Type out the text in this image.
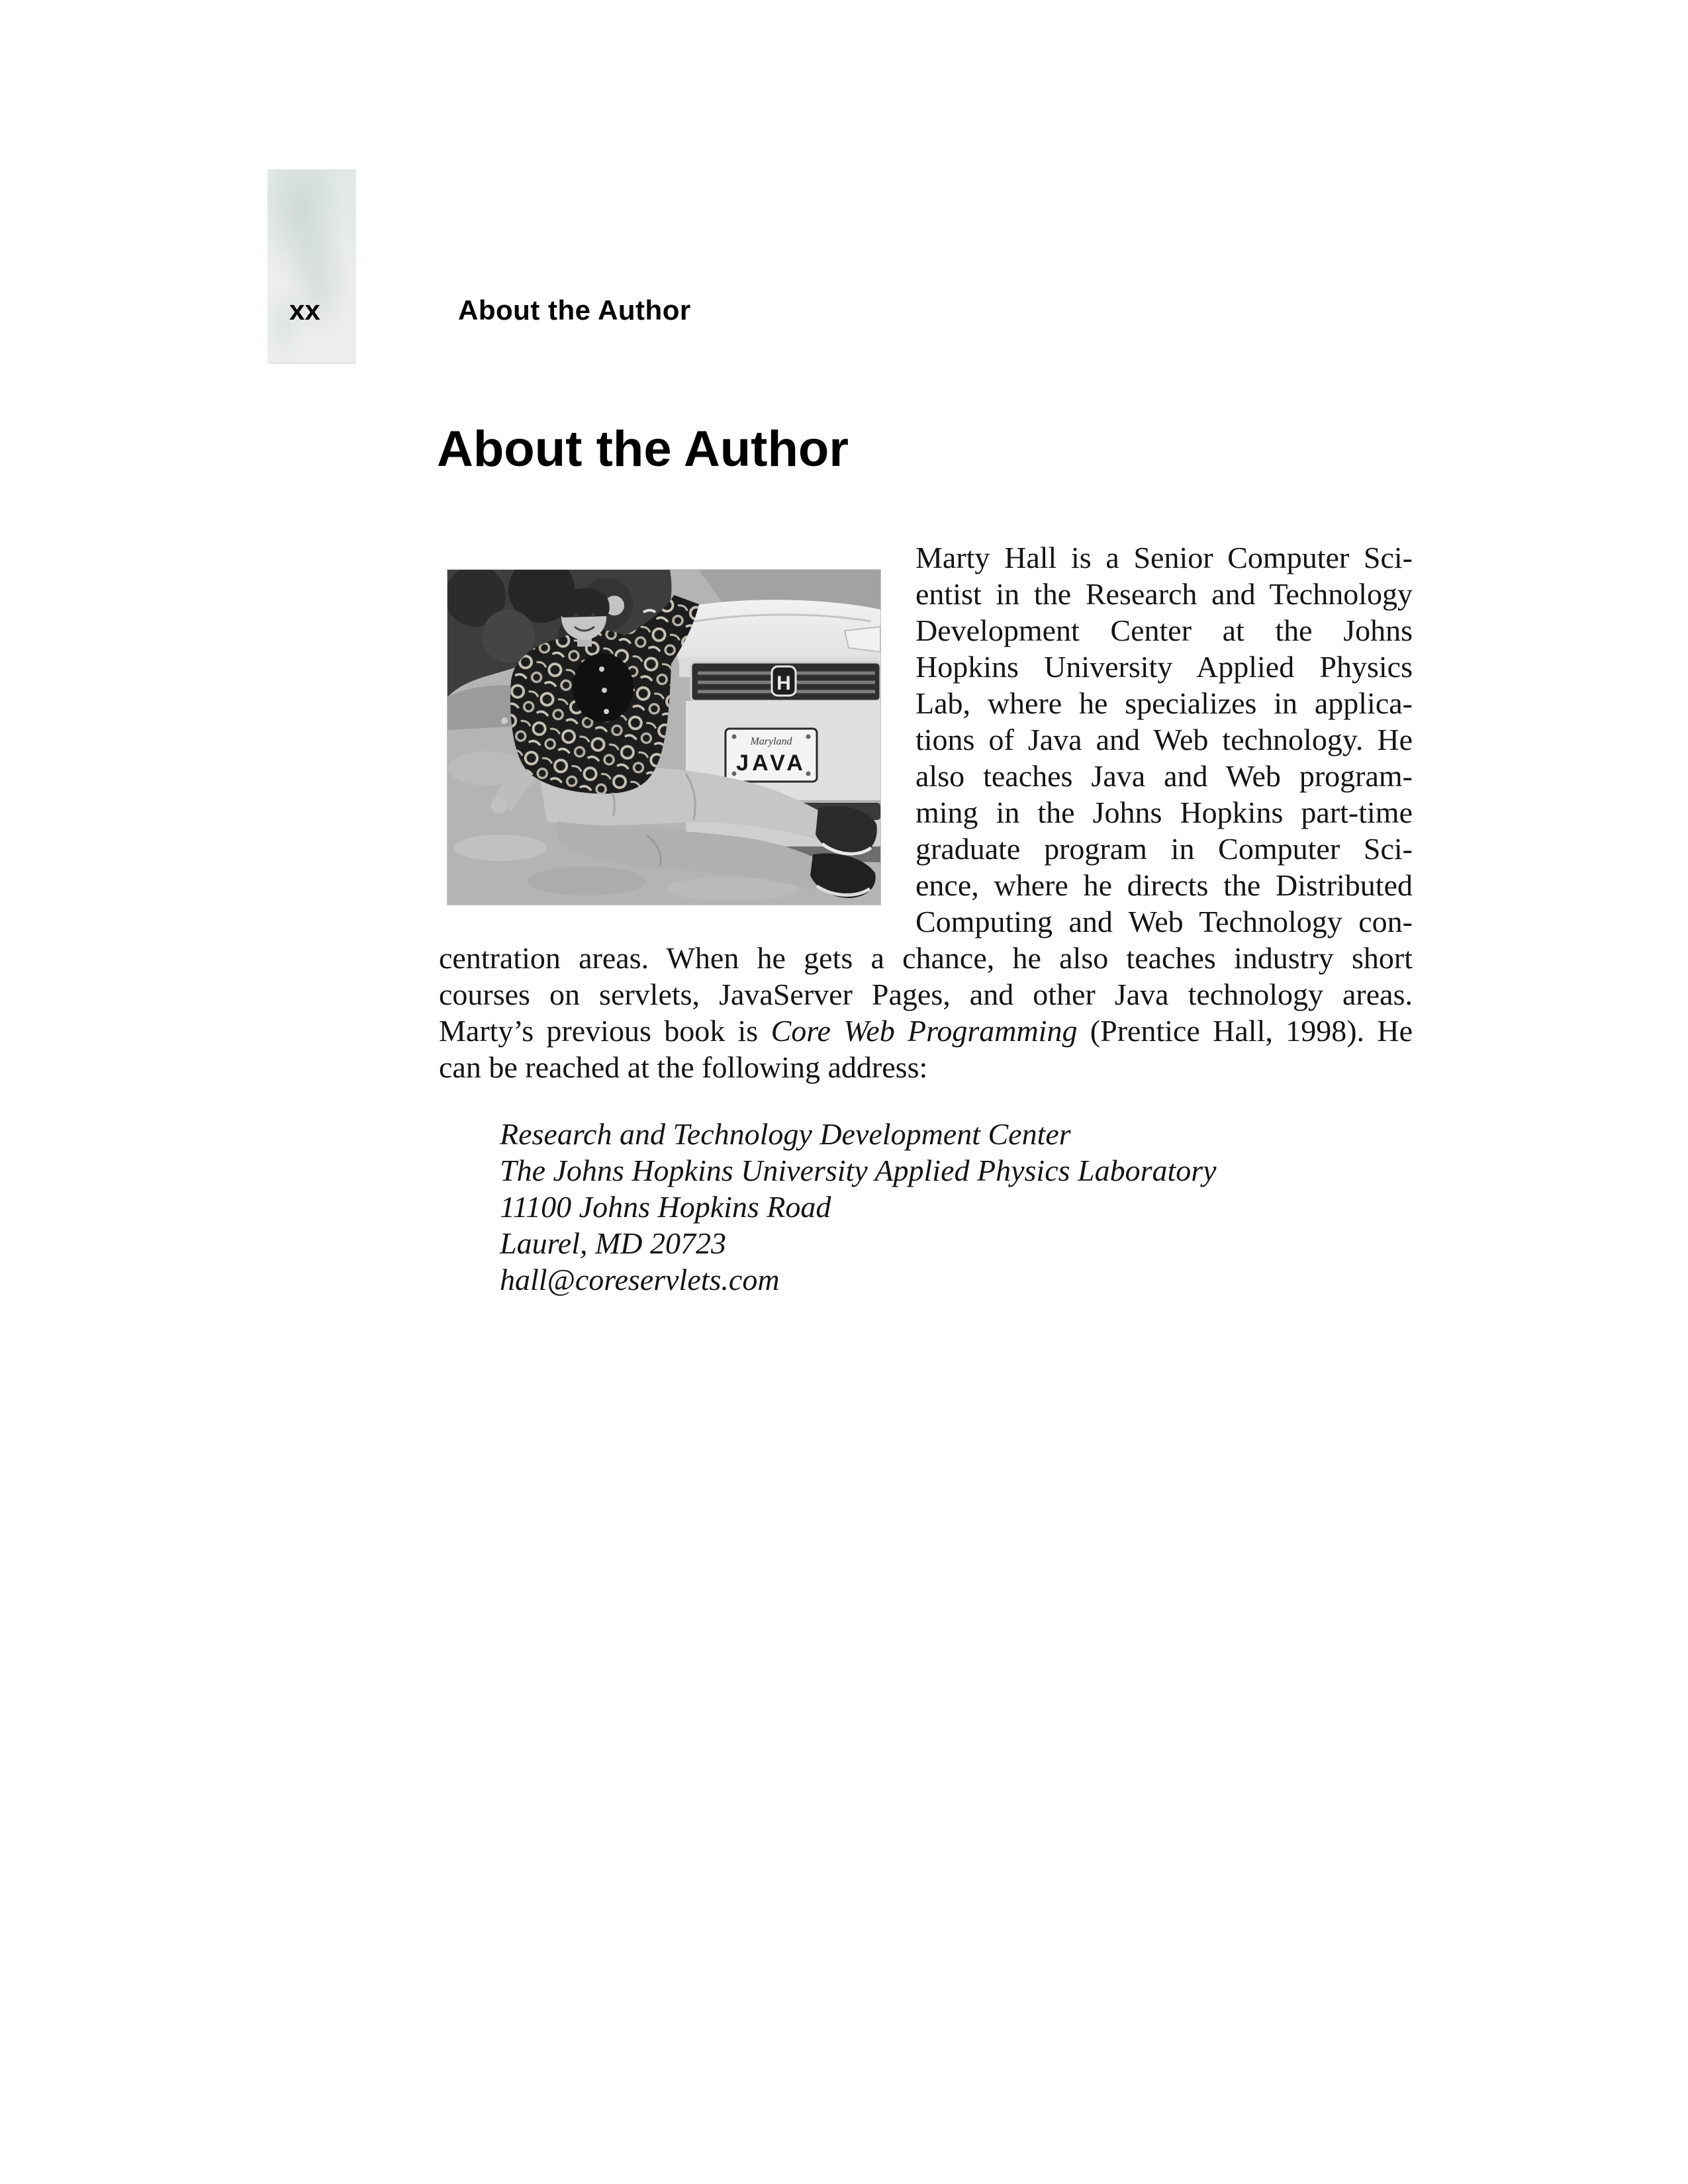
xx	About the Author
About the Author
H
Maryland
JAVA
Marty Hall is a Senior Computer Sci-
entist in the Research and Technology
Development Center at the Johns
Hopkins University Applied Physics
Lab, where he specializes in applica-
tions of Java and Web technology. He
also teaches Java and Web program-
ming in the Johns Hopkins part-time
graduate program in Computer Sci-
ence, where he directs the Distributed
Computing and Web Technology con-
centration areas. When he gets a chance, he also teaches industry short
courses on servlets, JavaServer Pages, and other Java technology areas.
Marty’s previous book is Core Web Programming (Prentice Hall, 1998). He
can be reached at the following address:
Research and Technology Development Center
The Johns Hopkins University Applied Physics Laboratory
11100 Johns Hopkins Road
Laurel, MD 20723
hall@coreservlets.com
